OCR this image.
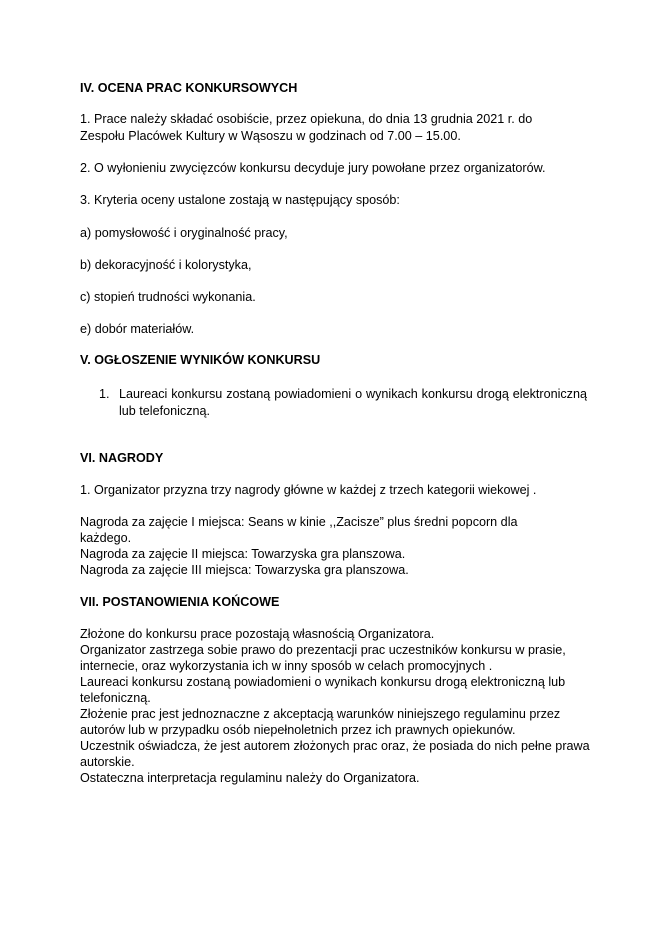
IV. OCENA PRAC KONKURSOWYCH
1. Prace należy składać osobiście, przez opiekuna, do dnia 13 grudnia 2021 r. do
Zespołu Placówek Kultury w Wąsoszu w godzinach od 7.00 – 15.00.
2. O wyłonieniu zwycięzców konkursu decyduje jury powołane przez organizatorów.
3. Kryteria oceny ustalone zostają w następujący sposób:
a) pomysłowość i oryginalność pracy,
b) dekoracyjność i kolorystyka,
c) stopień trudności wykonania.
e) dobór materiałów.
V. OGŁOSZENIE WYNIKÓW KONKURSU
1. Laureaci konkursu zostaną powiadomieni o wynikach konkursu drogą elektroniczną
lub telefoniczną.
VI. NAGRODY
1. Organizator przyzna trzy nagrody główne w każdej z trzech kategorii wiekowej .
Nagroda za zajęcie I miejsca: Seans w kinie ,,Zacisze” plus średni popcorn dla
każdego.
Nagroda za zajęcie II miejsca: Towarzyska gra planszowa.
Nagroda za zajęcie III miejsca: Towarzyska gra planszowa.
VII. POSTANOWIENIA KOŃCOWE
Złożone do konkursu prace pozostają własnością Organizatora.
Organizator zastrzega sobie prawo do prezentacji prac uczestników konkursu w prasie,
internecie, oraz wykorzystania ich w inny sposób w celach promocyjnych .
Laureaci konkursu zostaną powiadomieni o wynikach konkursu drogą elektroniczną lub
telefoniczną.
Złożenie prac jest jednoznaczne z akceptacją warunków niniejszego regulaminu przez
autorów lub w przypadku osób niepełnoletnich przez ich prawnych opiekunów.
Uczestnik oświadcza, że jest autorem złożonych prac oraz, że posiada do nich pełne prawa
autorskie.
Ostateczna interpretacja regulaminu należy do Organizatora.
